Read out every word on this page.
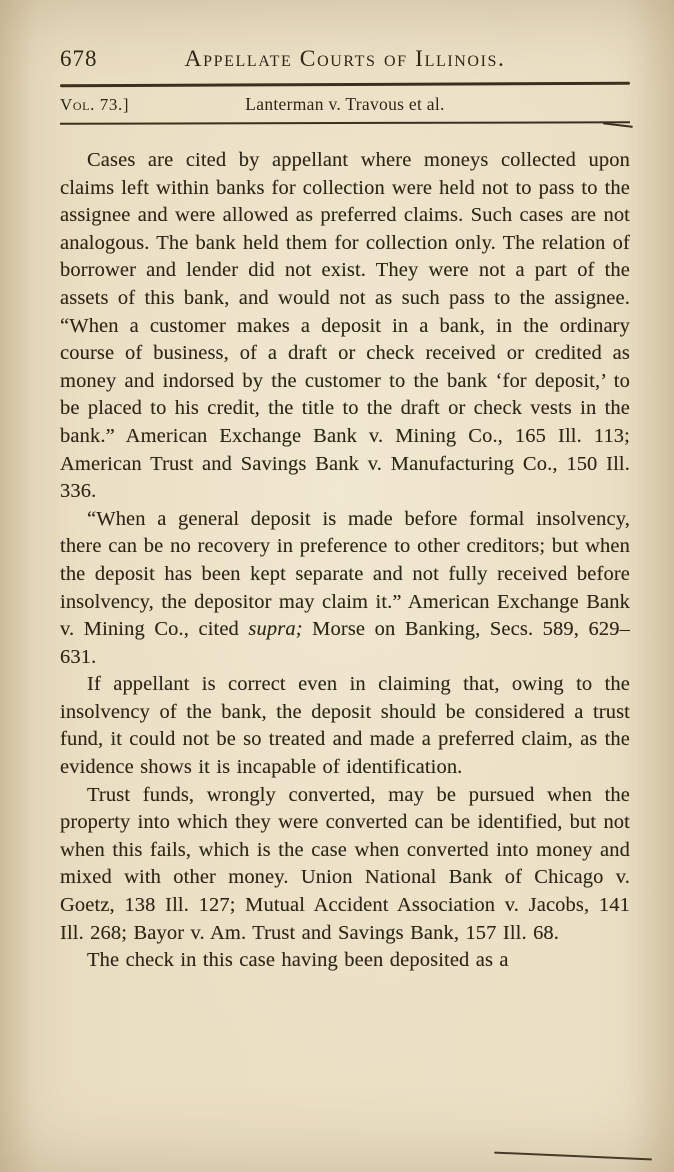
678	Appellate Courts of Illinois.
Vol. 73.]	Lanterman v. Travous et al.

Cases are cited by appellant where moneys collected upon claims left within banks for collection were held not to pass to the assignee and were allowed as preferred claims. Such cases are not analogous. The bank held them for collection only. The relation of borrower and lender did not exist. They were not a part of the assets of this bank, and would not as such pass to the assignee. “When a customer makes a deposit in a bank, in the ordinary course of business, of a draft or check received or credited as money and indorsed by the customer to the bank ‘for deposit,’ to be placed to his credit, the title to the draft or check vests in the bank.” American Exchange Bank v. Mining Co., 165 Ill. 113; American Trust and Savings Bank v. Manufacturing Co., 150 Ill. 336.

“When a general deposit is made before formal insolvency, there can be no recovery in preference to other creditors; but when the deposit has been kept separate and not fully received before insolvency, the depositor may claim it.” American Exchange Bank v. Mining Co., cited supra; Morse on Banking, Secs. 589, 629–631.

If appellant is correct even in claiming that, owing to the insolvency of the bank, the deposit should be considered a trust fund, it could not be so treated and made a preferred claim, as the evidence shows it is incapable of identification.

Trust funds, wrongly converted, may be pursued when the property into which they were converted can be identified, but not when this fails, which is the case when converted into money and mixed with other money. Union National Bank of Chicago v. Goetz, 138 Ill. 127; Mutual Accident Association v. Jacobs, 141 Ill. 268; Bayor v. Am. Trust and Savings Bank, 157 Ill. 68.

The check in this case having been deposited as a
